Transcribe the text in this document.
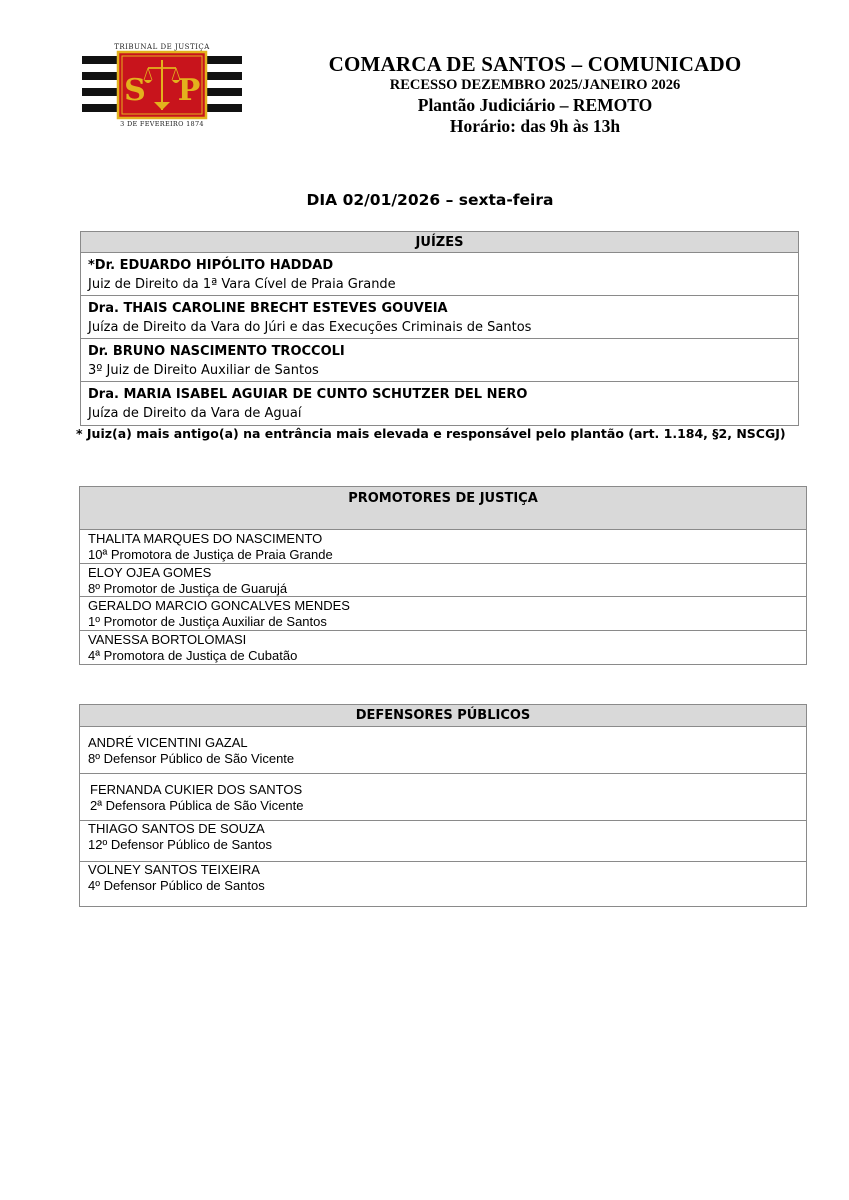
S P
TRIBUNAL DE JUSTIÇA
3 DE FEVEREIRO 1874
COMARCA DE SANTOS – COMUNICADO
RECESSO DEZEMBRO 2025/JANEIRO 2026
Plantão Judiciário – REMOTO
Horário: das 9h às 13h
DIA 02/01/2026 – sexta-feira
JUÍZES
*Dr. EDUARDO HIPÓLITO HADDAD
Juiz de Direito da 1ª Vara Cível de Praia Grande
Dra. THAIS CAROLINE BRECHT ESTEVES GOUVEIA
Juíza de Direito da Vara do Júri e das Execuções Criminais de Santos
Dr. BRUNO NASCIMENTO TROCCOLI
3º Juiz de Direito Auxiliar de Santos
Dra. MARIA ISABEL AGUIAR DE CUNTO SCHUTZER DEL NERO
Juíza de Direito da Vara de Aguaí
* Juiz(a) mais antigo(a) na entrância mais elevada e responsável pelo plantão (art. 1.184, §2, NSCGJ)
PROMOTORES DE JUSTIÇA
THALITA MARQUES DO NASCIMENTO
10ª Promotora de Justiça de Praia Grande
ELOY OJEA GOMES
8º Promotor de Justiça de Guarujá
GERALDO MARCIO GONCALVES MENDES
1º Promotor de Justiça Auxiliar de Santos
VANESSA BORTOLOMASI
4ª Promotora de Justiça de Cubatão
DEFENSORES PÚBLICOS
ANDRÉ VICENTINI GAZAL
8º Defensor Público de São Vicente
FERNANDA CUKIER DOS SANTOS
2ª Defensora Pública de São Vicente
THIAGO SANTOS DE SOUZA
12º Defensor Público de Santos
VOLNEY SANTOS TEIXEIRA
4º Defensor Público de Santos
